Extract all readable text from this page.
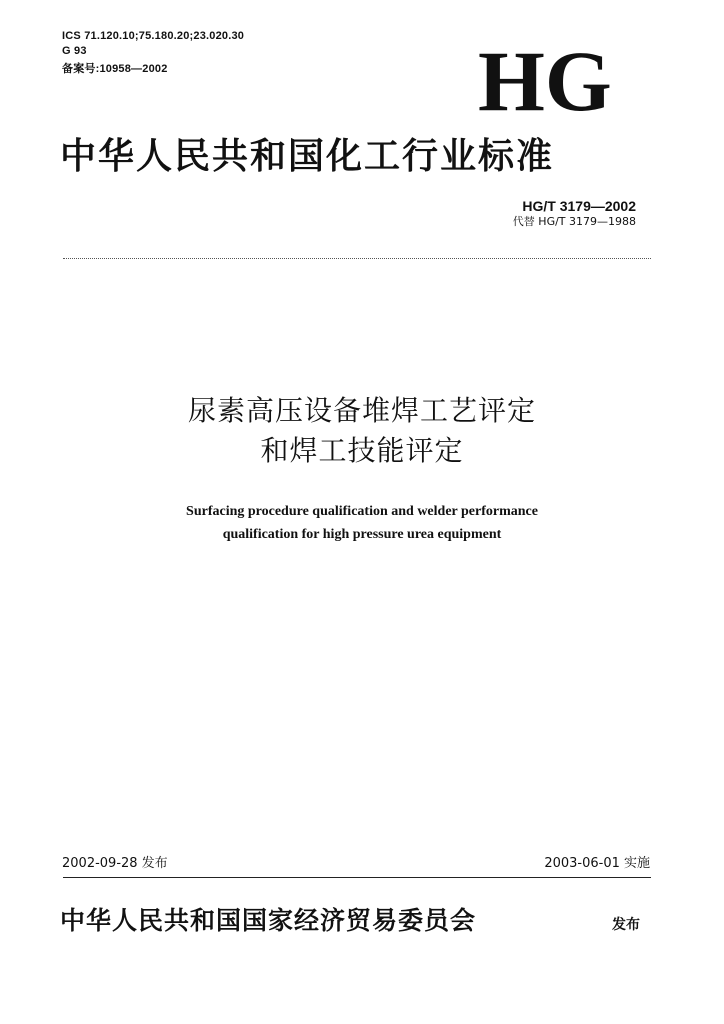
ICS 71.120.10;75.180.20;23.020.30
G 93
备案号:10958—2002	HG
中华人民共和国化工行业标准
HG/T 3179—2002
代替 HG/T 3179—1988
尿素高压设备堆焊工艺评定
和焊工技能评定
Surfacing procedure qualification and welder performance
qualification for high pressure urea equipment
2002-09-28 发布	2003-06-01 实施
中华人民共和国国家经济贸易委员会	发布
